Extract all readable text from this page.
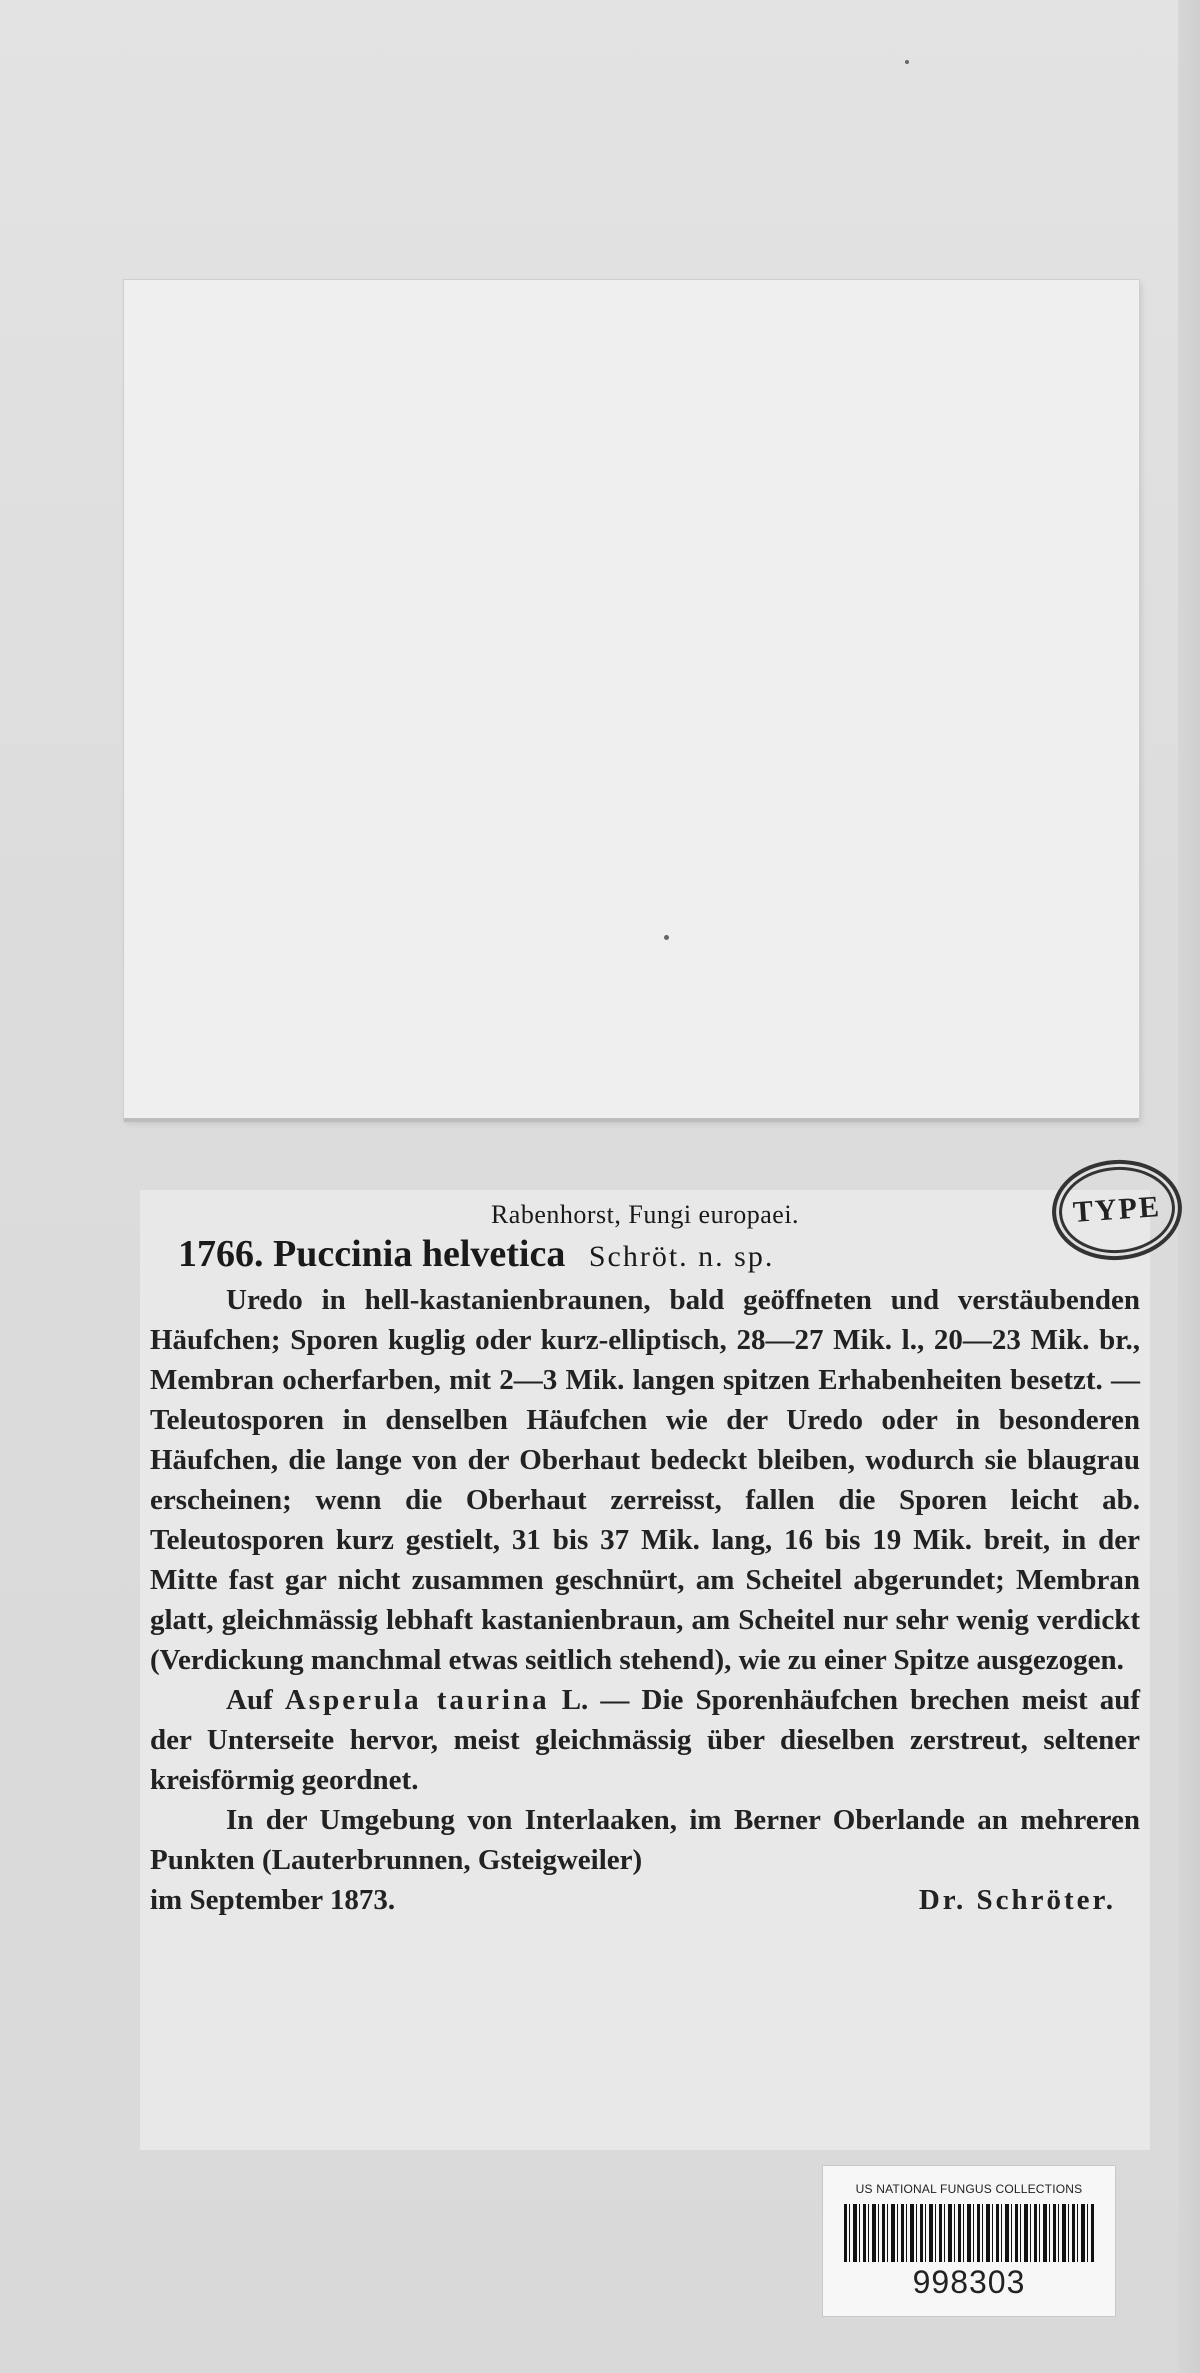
TYPE

Rabenhorst, Fungi europaei.

1766. Puccinia helvetica Schröt. n. sp.

Uredo in hell-kastanienbraunen, bald geöffneten und verstäubenden Häufchen; Sporen kuglig oder kurz-elliptisch, 28—27 Mik. l., 20—23 Mik. br., Membran ocherfarben, mit 2—3 Mik. langen spitzen Erhabenheiten besetzt. — Teleutosporen in denselben Häufchen wie der Uredo oder in besonderen Häufchen, die lange von der Oberhaut bedeckt bleiben, wodurch sie blaugrau erscheinen; wenn die Oberhaut zerreisst, fallen die Sporen leicht ab. Teleutosporen kurz gestielt, 31 bis 37 Mik. lang, 16 bis 19 Mik. breit, in der Mitte fast gar nicht zusammen geschnürt, am Scheitel abgerundet; Membran glatt, gleichmässig lebhaft kastanienbraun, am Scheitel nur sehr wenig verdickt (Verdickung manchmal etwas seitlich stehend), wie zu einer Spitze ausgezogen.

Auf Asperula taurina L. — Die Sporenhäufchen brechen meist auf der Unterseite hervor, meist gleichmässig über dieselben zerstreut, seltener kreisförmig geordnet.

In der Umgebung von Interlaaken, im Berner Oberlande an mehreren Punkten (Lauterbrunnen, Gsteigweiler)

im September 1873.	Dr. Schröter.
US NATIONAL FUNGUS COLLECTIONS
998303
